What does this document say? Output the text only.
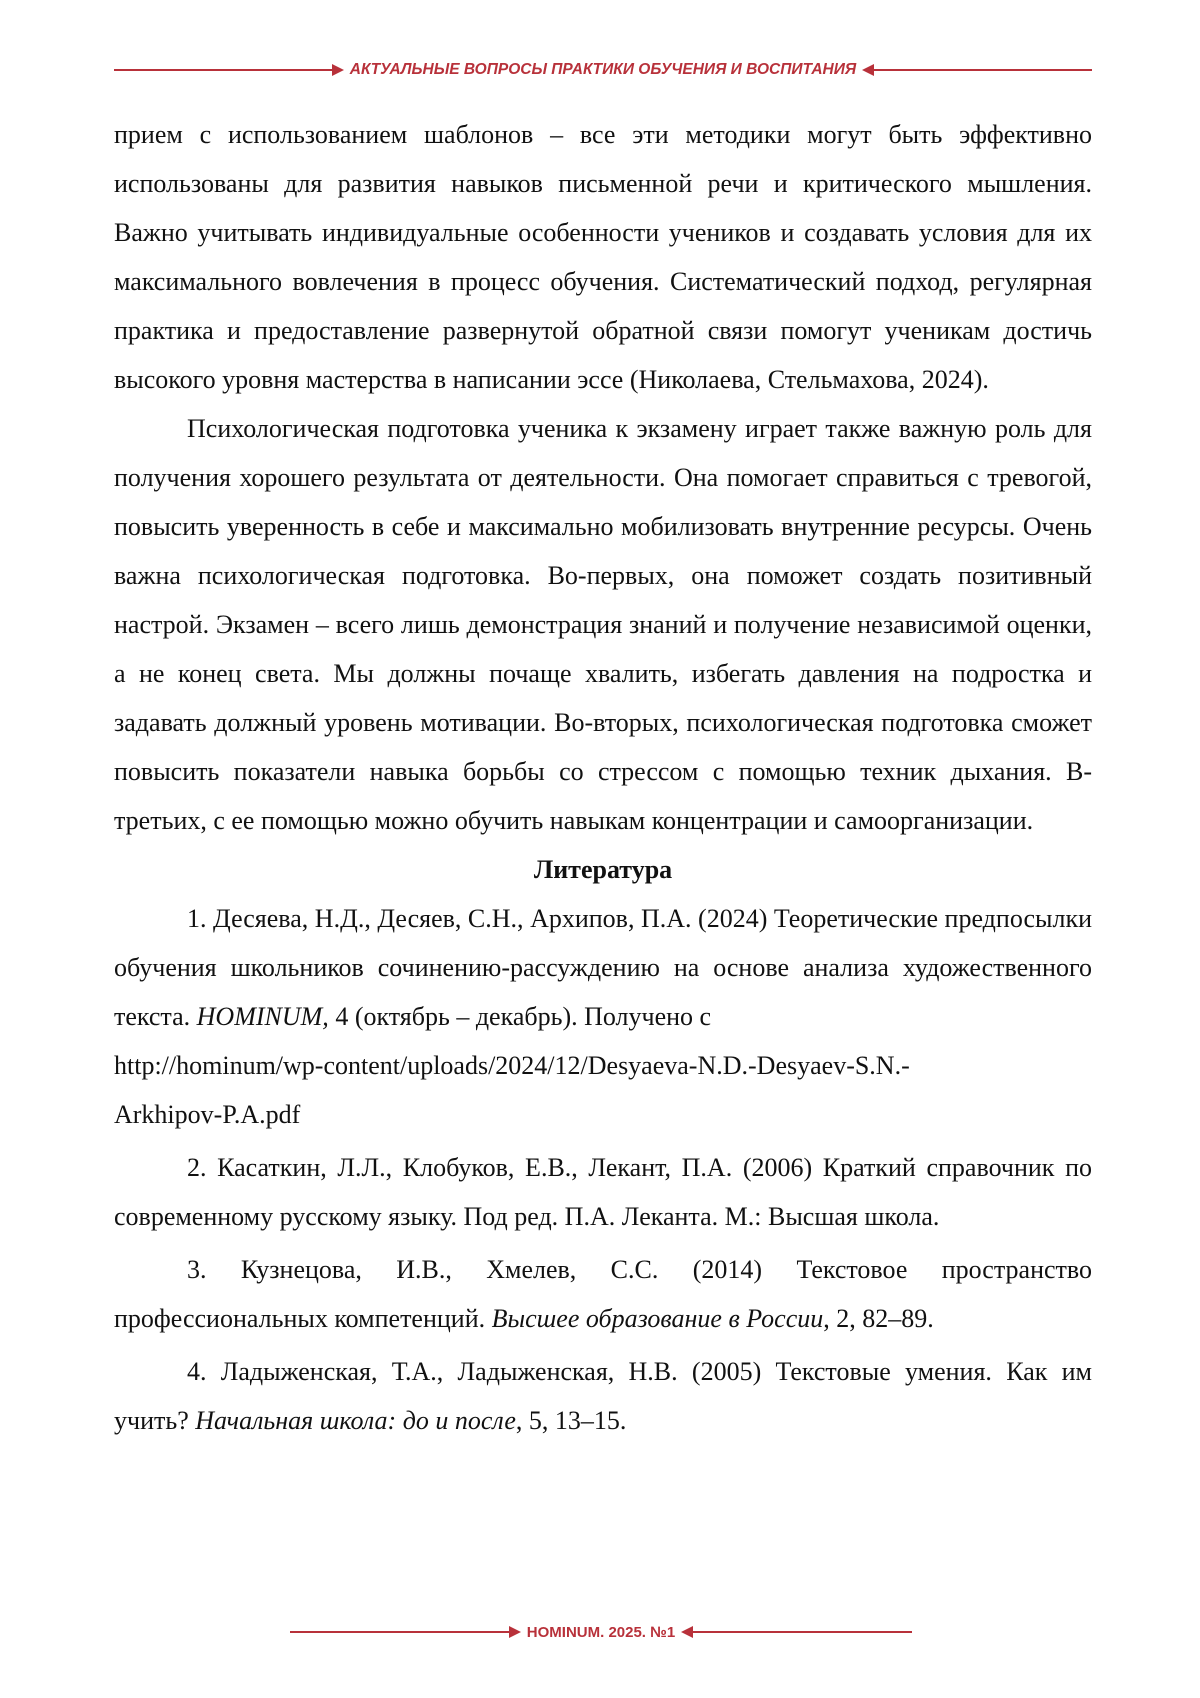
АКТУАЛЬНЫЕ ВОПРОСЫ ПРАКТИКИ ОБУЧЕНИЯ И ВОСПИТАНИЯ

прием с использованием шаблонов – все эти методики могут быть эффективно использованы для развития навыков письменной речи и критического мышления. Важно учитывать индивидуальные особенности учеников и создавать условия для их максимального вовлечения в процесс обучения. Систематический подход, регулярная практика и предоставление развернутой обратной связи помогут ученикам достичь высокого уровня мастерства в написании эссе (Николаева, Стельмахова, 2024).

Психологическая подготовка ученика к экзамену играет также важную роль для получения хорошего результата от деятельности. Она помогает справиться с тревогой, повысить уверенность в себе и максимально мобилизовать внутренние ресурсы. Очень важна психологическая подготовка. Во-первых, она поможет создать позитивный настрой. Экзамен – всего лишь демонстрация знаний и получение независимой оценки, а не конец света. Мы должны почаще хвалить, избегать давления на подростка и задавать должный уровень мотивации. Во-вторых, психологическая подготовка сможет повысить показатели навыка борьбы со стрессом с помощью техник дыхания. В-третьих, с ее помощью можно обучить навыкам концентрации и самоорганизации.

Литература

1. Десяева, Н.Д., Десяев, С.Н., Архипов, П.А. (2024) Теоретические предпосылки обучения школьников сочинению-рассуждению на основе анализа художественного текста. HOMINUM, 4 (октябрь – декабрь). Получено с

http://hominum/wp-content/uploads/2024/12/Desyaeva-N.D.-Desyaev-S.N.-

Arkhipov-P.A.pdf

2. Касаткин, Л.Л., Клобуков, Е.В., Лекант, П.А. (2006) Краткий справочник по современному русскому языку. Под ред. П.А. Леканта. М.: Высшая школа.

3. Кузнецова, И.В., Хмелев, С.С. (2014) Текстовое пространство профессиональных компетенций. Высшее образование в России, 2, 82–89.

4. Ладыженская, Т.А., Ладыженская, Н.В. (2005) Текстовые умения. Как им учить? Начальная школа: до и после, 5, 13–15.

HOMINUM. 2025. №1
